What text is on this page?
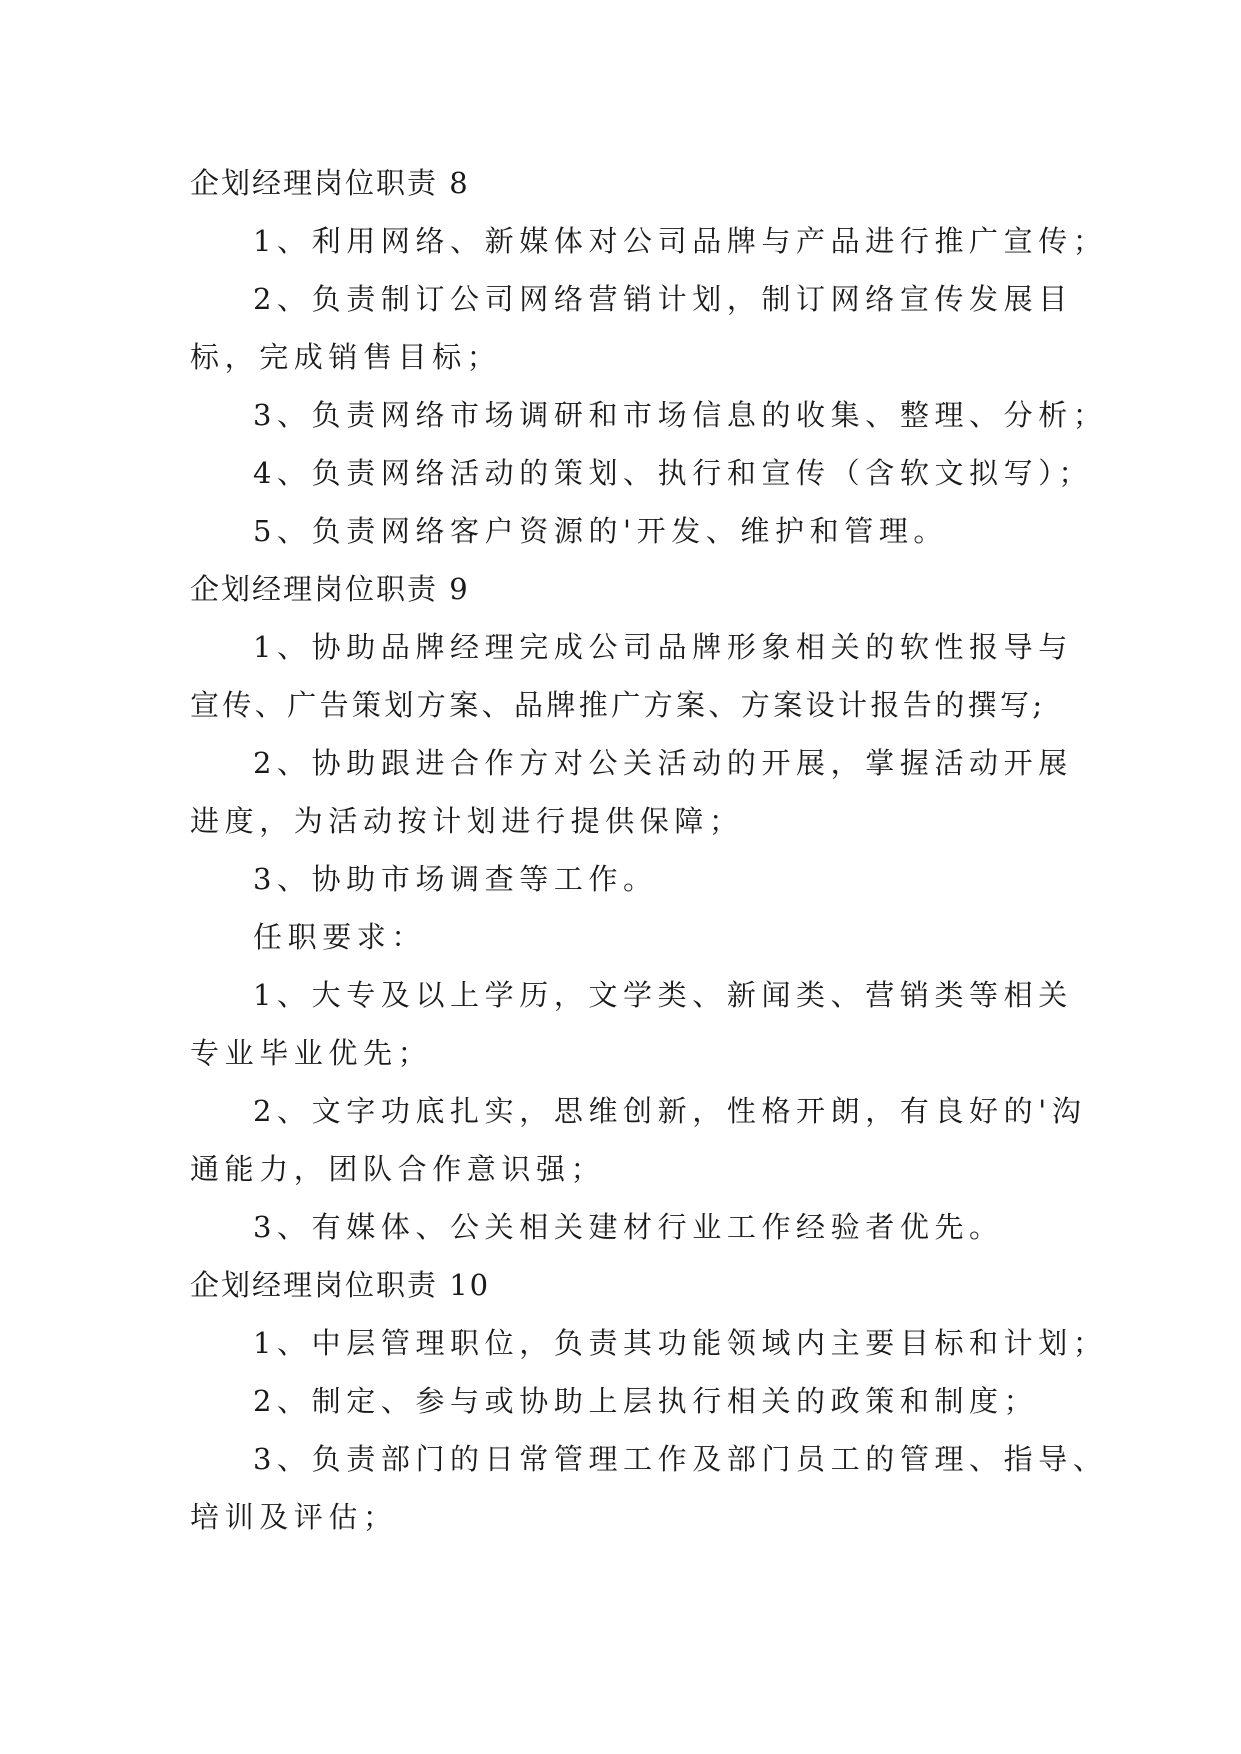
企划经理岗位职责 8
1、利用网络、新媒体对公司品牌与产品进行推广宣传；
2、负责制订公司网络营销计划，制订网络宣传发展目
标，完成销售目标；
3、负责网络市场调研和市场信息的收集、整理、分析；
4、负责网络活动的策划、执行和宣传（含软文拟写）；
5、负责网络客户资源的'开发、维护和管理。
企划经理岗位职责 9
1、协助品牌经理完成公司品牌形象相关的软性报导与
宣传、广告策划方案、品牌推广方案、方案设计报告的撰写;
2、协助跟进合作方对公关活动的开展，掌握活动开展
进度，为活动按计划进行提供保障；
3、协助市场调查等工作。
任职要求：
1、大专及以上学历，文学类、新闻类、营销类等相关
专业毕业优先；
2、文字功底扎实，思维创新，性格开朗，有良好的'沟
通能力，团队合作意识强；
3、有媒体、公关相关建材行业工作经验者优先。
企划经理岗位职责 10
1、中层管理职位，负责其功能领域内主要目标和计划；
2、制定、参与或协助上层执行相关的政策和制度；
3、负责部门的日常管理工作及部门员工的管理、指导、
培训及评估；
